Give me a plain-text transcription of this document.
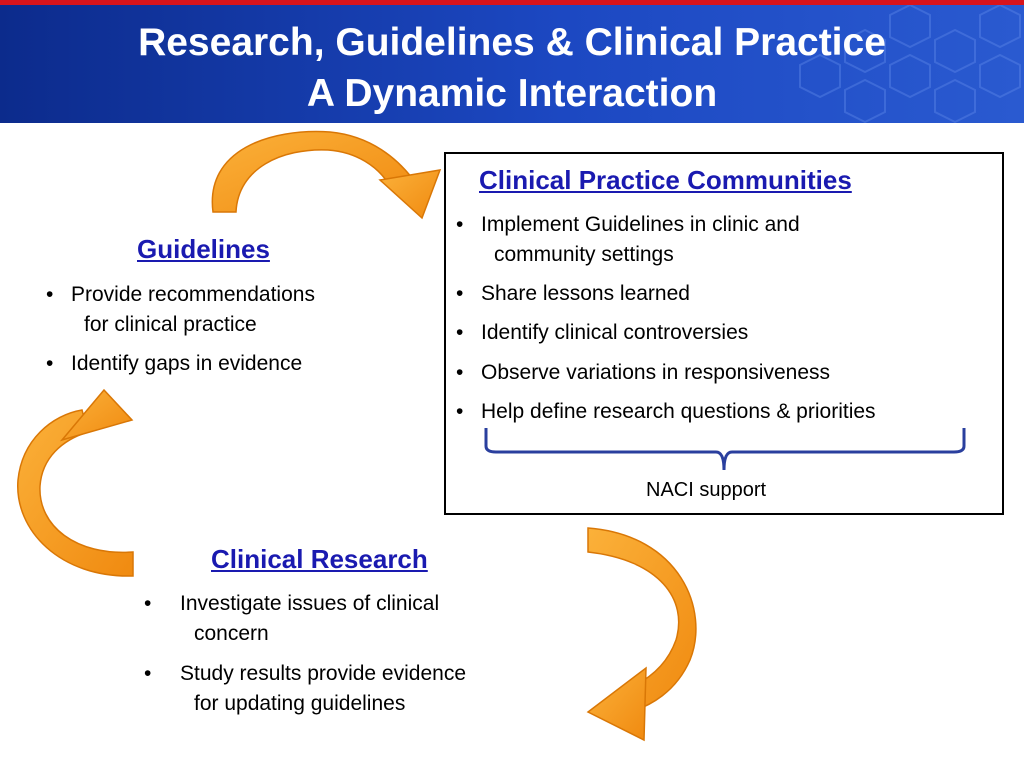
Research, Guidelines & Clinical Practice
A Dynamic Interaction
Guidelines
• Provide recommendations
for clinical practice
• Identify gaps in evidence
Clinical Practice Communities
• Implement Guidelines in clinic and
community settings
• Share lessons learned
• Identify clinical controversies
• Observe variations in responsiveness
• Help define research questions & priorities
NACI support
Clinical Research
• Investigate issues of clinical
concern
• Study results provide evidence
for updating guidelines
